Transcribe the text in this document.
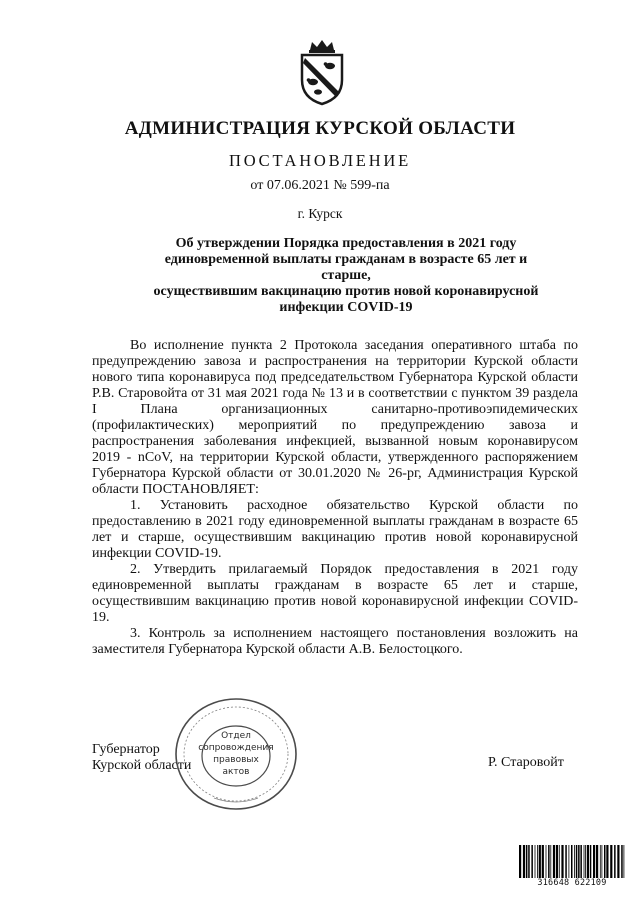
АДМИНИСТРАЦИЯ КУРСКОЙ ОБЛАСТИ
ПОСТАНОВЛЕНИЕ
от 07.06.2021 № 599-па
г. Курск
Об утверждении Порядка предоставления в 2021 году
единовременной выплаты гражданам в возрасте 65 лет и старше,
осуществившим вакцинацию против новой коронавирусной
инфекции COVID-19

Во исполнение пункта 2 Протокола заседания оперативного штаба по предупреждению завоза и распространения на территории Курской области нового типа коронавируса под председательством Губернатора Курской области Р.В. Старовойта от 31 мая 2021 года № 13 и в соответствии с пунктом 39 раздела I Плана организационных санитарно-противоэпидемических (профилактических) мероприятий по предупреждению завоза и распространения заболевания инфекцией, вызванной новым коронавирусом 2019 - nCoV, на территории Курской области, утвержденного распоряжением Губернатора Курской области от 30.01.2020 № 26-рг, Администрация Курской области ПОСТАНОВЛЯЕТ:

1. Установить расходное обязательство Курской области по предоставлению в 2021 году единовременной выплаты гражданам в возрасте 65 лет и старше, осуществившим вакцинацию против новой коронавирусной инфекции COVID-19.

2. Утвердить прилагаемый Порядок предоставления в 2021 году единовременной выплаты гражданам в возрасте 65 лет и старше, осуществившим вакцинацию против новой коронавирусной инфекции COVID-19.

3. Контроль за исполнением настоящего постановления возложить на заместителя Губернатора Курской области А.В. Белостоцкого.

Губернатор
Курской области	Р. Старовойт
Отдел
сопровождения
правовых
актов
316648 622109
